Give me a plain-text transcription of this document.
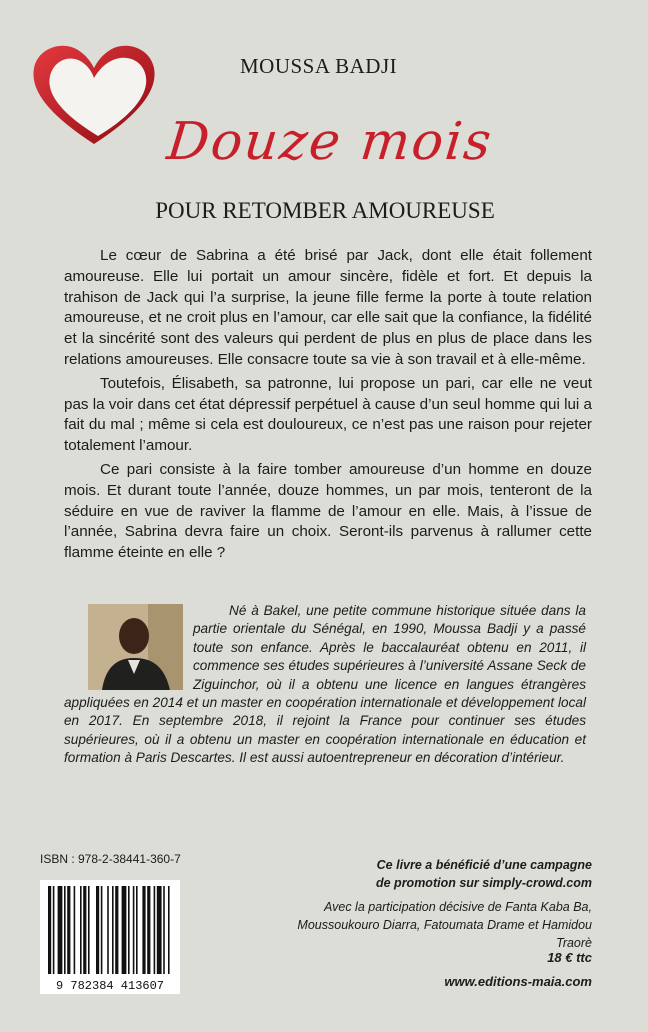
MOUSSA BADJI
Douze mois
POUR RETOMBER AMOUREUSE

Le cœur de Sabrina a été brisé par Jack, dont elle était follement amoureuse. Elle lui portait un amour sincère, fidèle et fort. Et depuis la trahison de Jack qui l’a surprise, la jeune fille ferme la porte à toute relation amoureuse, et ne croit plus en l’amour, car elle sait que la confiance, la fidélité et la sincérité sont des valeurs qui perdent de plus en plus de place dans les relations amoureuses. Elle consacre toute sa vie à son travail et à elle-même.

Toutefois, Élisabeth, sa patronne, lui propose un pari, car elle ne veut pas la voir dans cet état dépressif perpétuel à cause d’un seul homme qui lui a fait du mal ; même si cela est douloureux, ce n’est pas une raison pour rejeter totalement l’amour.

Ce pari consiste à la faire tomber amoureuse d’un homme en douze mois. Et durant toute l’année, douze hommes, un par mois, tenteront de la séduire en vue de raviver la flamme de l’amour en elle. Mais, à l’issue de l’année, Sabrina devra faire un choix. Seront-ils parvenus à rallumer cette flamme éteinte en elle ?

Né à Bakel, une petite commune historique située dans la partie orientale du Sénégal, en 1990, Moussa Badji y a passé toute son enfance. Après le baccalauréat obtenu en 2011, il commence ses études supérieures à l’université Assane Seck de Ziguinchor, où il a obtenu une licence en langues étrangères appliquées en 2014 et un master en coopération internationale et développement local en 2017. En septembre 2018, il rejoint la France pour continuer ses études supérieures, où il a obtenu un master en coopération internationale en éducation et formation à Paris Descartes. Il est aussi autoentrepreneur en décoration d’intérieur.

ISBN : 978-2-38441-360-7
9 782384 413607
Ce livre a bénéficié d’une campagne
de promotion sur simply-crowd.com
Avec la participation décisive de Fanta Kaba Ba,
Moussoukouro Diarra, Fatoumata Drame et Hamidou Traorè
18 € ttc
www.editions-maia.com
